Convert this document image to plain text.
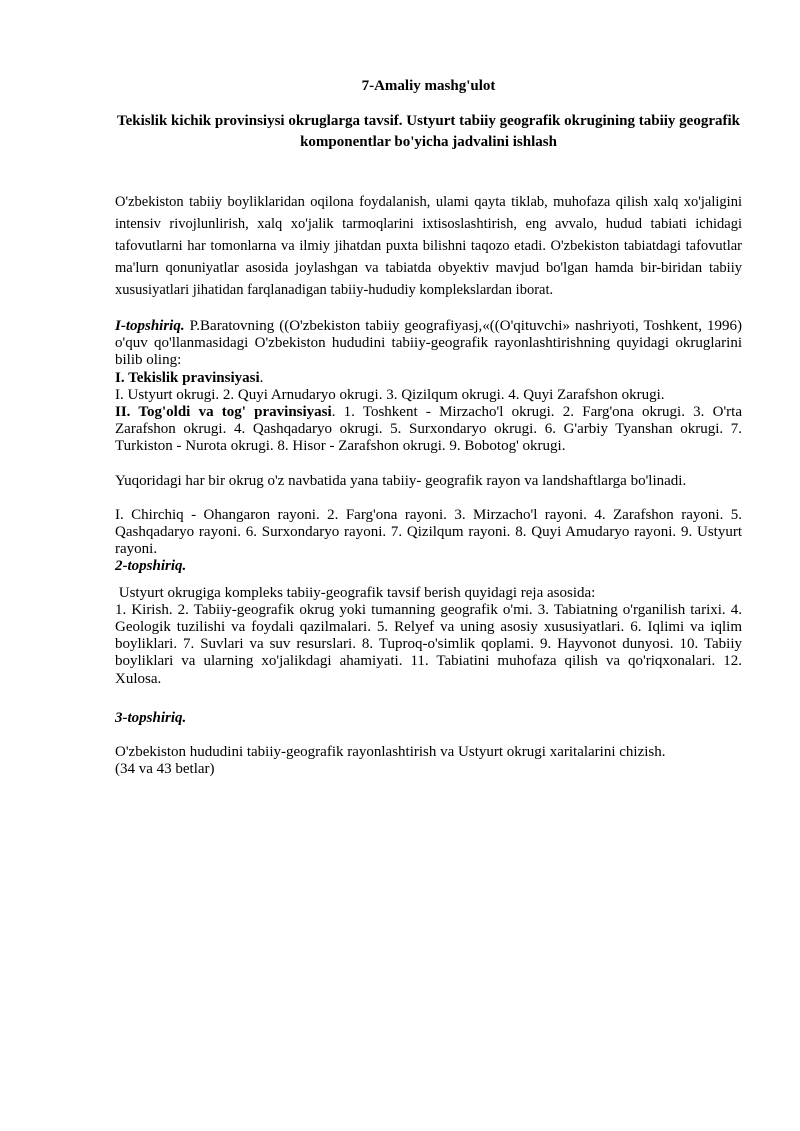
7-Amaliy mashg'ulot

Tekislik kichik provinsiysi okruglarga tavsif. Ustyurt tabiiy geografik okrugining tabiiy geografik komponentlar bo'yicha jadvalini ishlash

O'zbekiston tabiiy boyliklaridan oqilona foydalanish, ulami qayta tiklab, muhofaza qilish xalq xo'jaligini intensiv rivojlunlirish, xalq xo'jalik tarmoqlarini ixtisoslashtirish, eng avvalo, hudud tabiati ichidagi tafovutlarni har tomonlarna va ilmiy jihatdan puxta bilishni taqozo etadi. O'zbekiston tabiatdagi tafovutlar ma'lurn qonuniyatlar asosida joylashgan va tabiatda obyektiv mavjud bo'lgan hamda bir-biridan tabiiy xususiyatlari jihatidan farqlanadigan tabiiy-hududiy komplekslardan iborat.

I-topshiriq. P.Baratovning ((O'zbekiston tabiiy geografiyasj,«((O'qituvchi» nashriyoti, Toshkent, 1996) o'quv qo'llanmasidagi O'zbekiston hududini tabiiy-geografik rayonlashtirishning quyidagi okruglarini bilib oling:

I. Tekislik pravinsiyasi.

I. Ustyurt okrugi. 2. Quyi Arnudaryo okrugi. 3. Qizilqum okrugi. 4. Quyi Zarafshon okrugi.

II. Tog'oldi va tog' pravinsiyasi. 1. Toshkent - Mirzacho'l okrugi. 2. Farg'ona okrugi. 3. O'rta Zarafshon okrugi. 4. Qashqadaryo okrugi. 5. Surxondaryo okrugi. 6. G'arbiy Tyanshan okrugi. 7. Turkiston - Nurota okrugi. 8. Hisor - Zarafshon okrugi. 9. Bobotog' okrugi.

Yuqoridagi har bir okrug o'z navbatida yana tabiiy- geografik rayon va landshaftlarga bo'linadi.

I. Chirchiq - Ohangaron rayoni. 2. Farg'ona rayoni. 3. Mirzacho'l rayoni. 4. Zarafshon rayoni. 5. Qashqadaryo rayoni. 6. Surxondaryo rayoni. 7. Qizilqum rayoni. 8. Quyi Amudaryo rayoni. 9. Ustyurt rayoni.

2-topshiriq.

Ustyurt okrugiga kompleks tabiiy-geografik tavsif berish quyidagi reja asosida:

1. Kirish. 2. Tabiiy-geografik okrug yoki tumanning geografik o'mi. 3. Tabiatning o'rganilish tarixi. 4. Geologik tuzilishi va foydali qazilmalari. 5. Relyef va uning asosiy xususiyatlari. 6. Iqlimi va iqlim boyliklari. 7. Suvlari va suv resurslari. 8. Tuproq-o'simlik qoplami. 9. Hayvonot dunyosi. 10. Tabiiy boyliklari va ularning xo'jalikdagi ahamiyati. 11. Tabiatini muhofaza qilish va qo'riqxonalari. 12. Xulosa.

3-topshiriq.

O'zbekiston hududini tabiiy-geografik rayonlashtirish va Ustyurt okrugi xaritalarini chizish.

(34 va 43 betlar)
